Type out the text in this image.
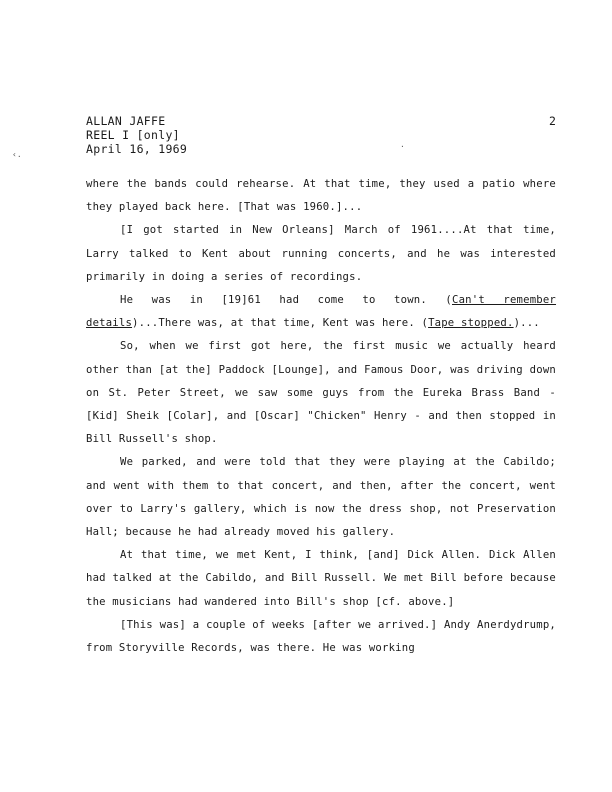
ALLAN JAFFE
REEL I [only]
April 16, 1969
2
‹.
.

where the bands could rehearse. At that time, they used a patio where they played back here. [That was 1960.]...

[I got started in New Orleans] March of 1961....At that time, Larry talked to Kent about running concerts, and he was interested primarily in doing a series of recordings.

He was in [19]61 had come to town. (Can't remember details)...There was, at that time, Kent was here. (Tape stopped.)...

So, when we first got here, the first music we actually heard other than [at the] Paddock [Lounge], and Famous Door, was driving down on St. Peter Street, we saw some guys from the Eureka Brass Band - [Kid] Sheik [Colar], and [Oscar] "Chicken" Henry - and then stopped in Bill Russell's shop.

We parked, and were told that they were playing at the Cabildo; and went with them to that concert, and then, after the concert, went over to Larry's gallery, which is now the dress shop, not Preservation Hall; because he had already moved his gallery.

At that time, we met Kent, I think, [and] Dick Allen. Dick Allen had talked at the Cabildo, and Bill Russell. We met Bill before because the musicians had wandered into Bill's shop [cf. above.]

[This was] a couple of weeks [after we arrived.] Andy Anerdydrump, from Storyville Records, was there. He was working
